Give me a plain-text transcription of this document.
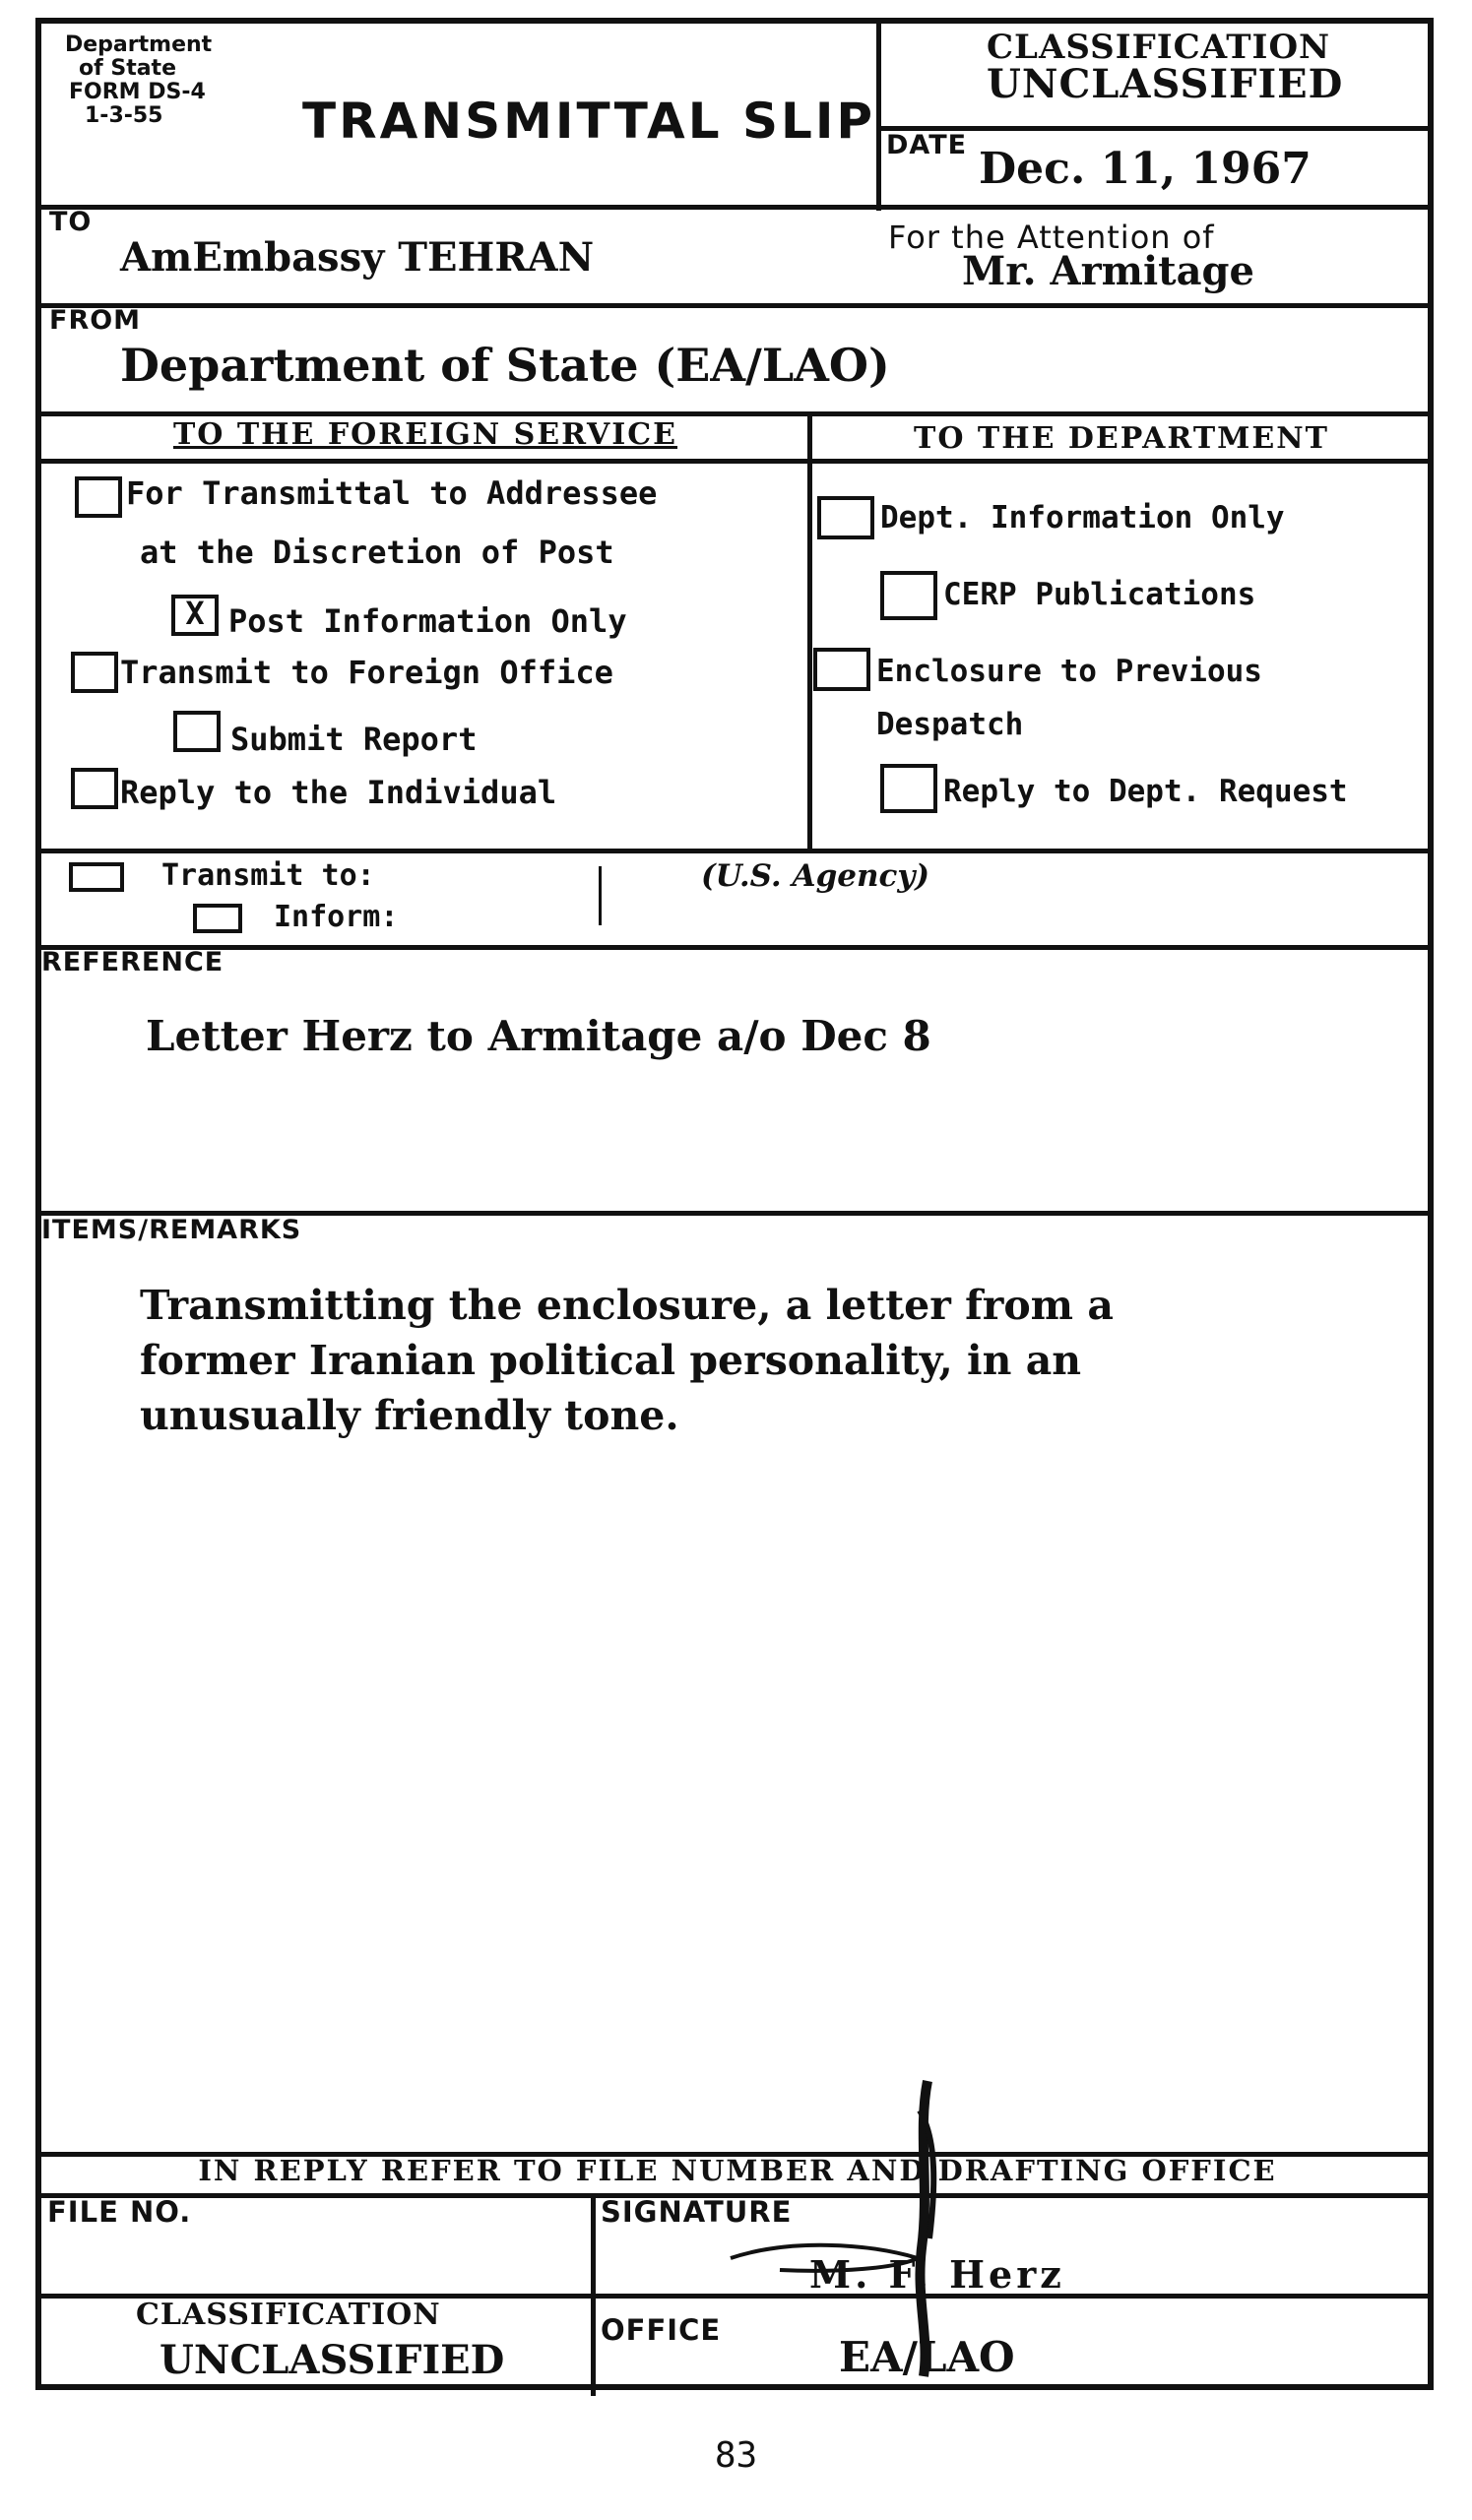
Department
of State
FORM DS-4
1-3-55	TRANSMITTAL SLIP
CLASSIFICATION
UNCLASSIFIED
DATE Dec. 11, 1967
TO
AmEmbassy TEHRAN	For the Attention of
Mr. Armitage
FROM
Department of State (EA/LAO)
TO THE FOREIGN SERVICE	TO THE DEPARTMENT
For Transmittal to Addressee
at the Discretion of Post
X Post Information Only
Transmit to Foreign Office
Submit Report
Reply to the Individual
Dept. Information Only
CERP Publications
Enclosure to Previous
Despatch
Reply to Dept. Request
Transmit to:
Inform:
(U.S. Agency)
REFERENCE
Letter Herz to Armitage a/o Dec 8
ITEMS/REMARKS

Transmitting the enclosure, a letter from a

former Iranian political personality, in an

unusually friendly tone.

IN REPLY REFER TO FILE NUMBER AND DRAFTING OFFICE
FILE NO.	SIGNATURE
M. F. Herz
CLASSIFICATION
UNCLASSIFIED
OFFICE
EA/LAO
83
